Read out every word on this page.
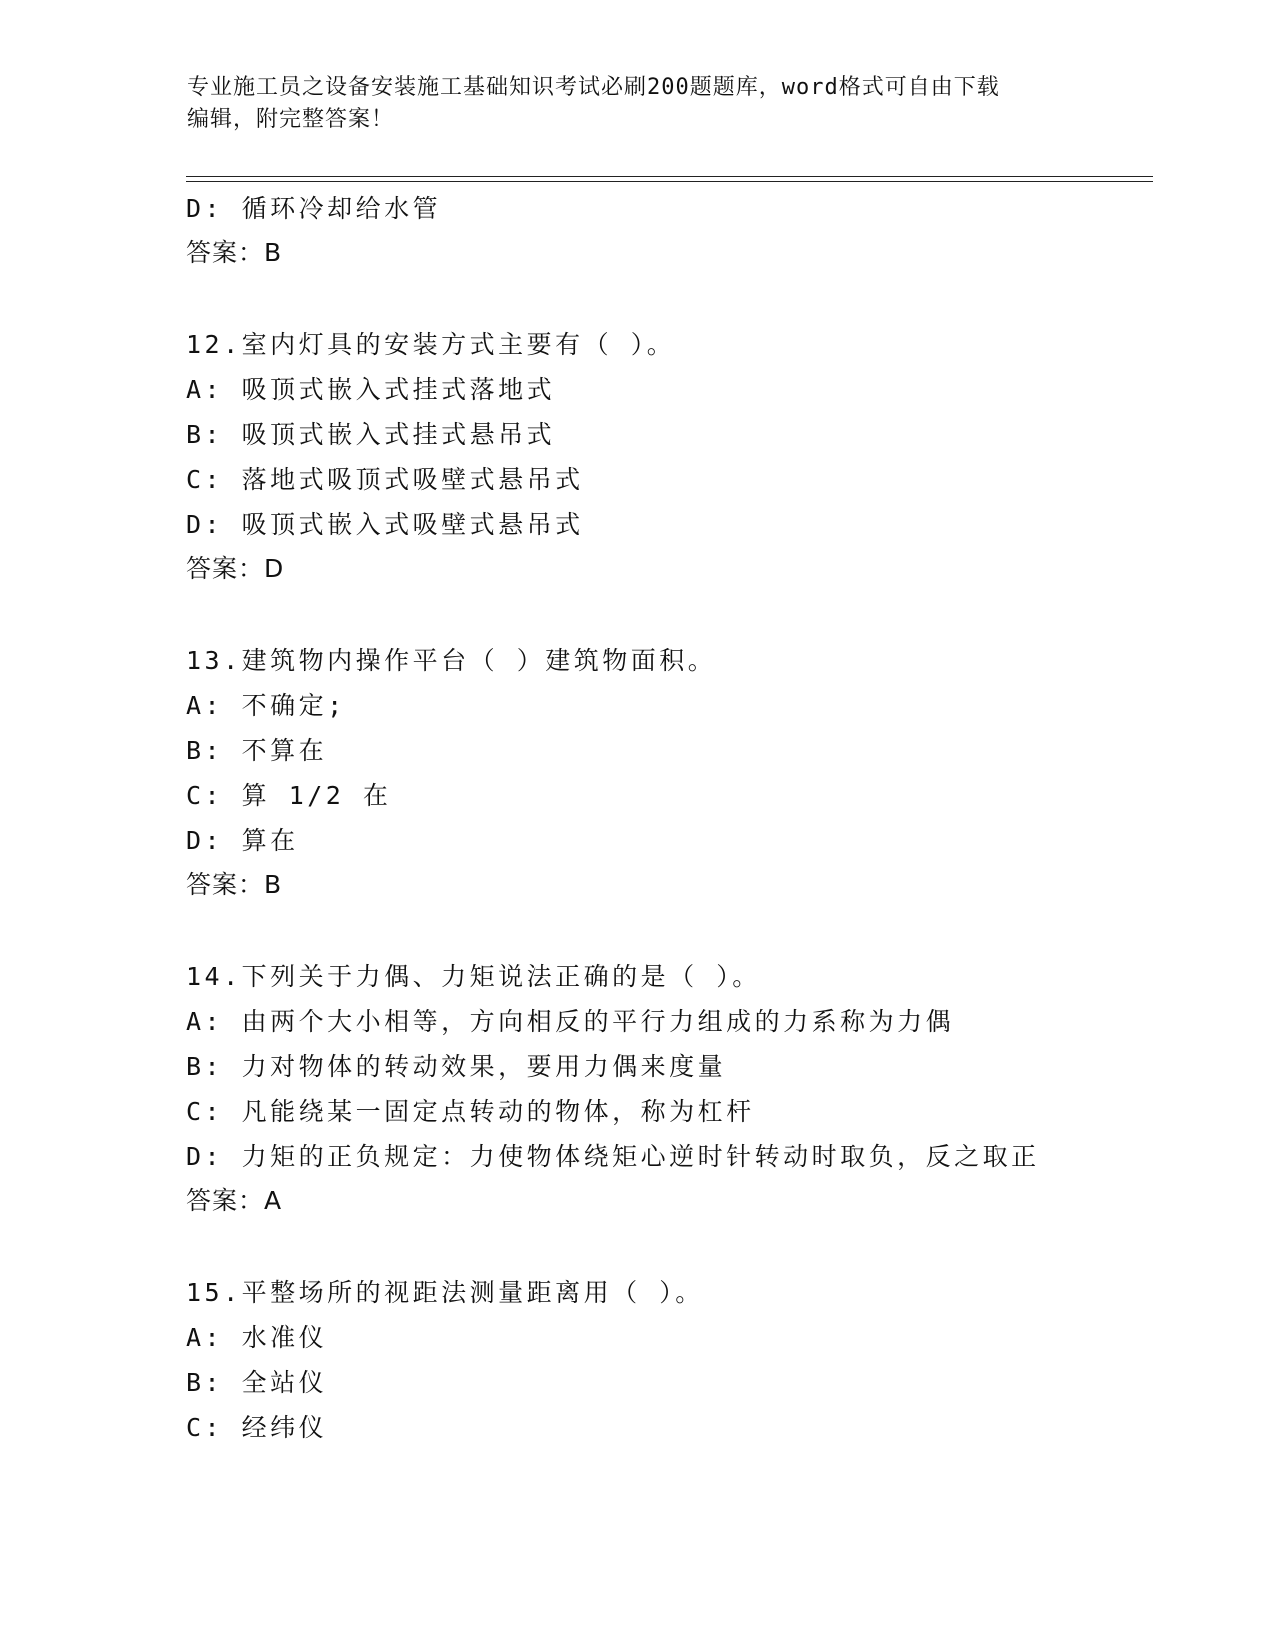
专业施工员之设备安装施工基础知识考试必刷200题题库，word格式可自由下载
编辑，附完整答案！
D: 循环冷却给水管
答案：B
12.室内灯具的安装方式主要有（ ）。
A: 吸顶式嵌入式挂式落地式
B: 吸顶式嵌入式挂式悬吊式
C: 落地式吸顶式吸壁式悬吊式
D: 吸顶式嵌入式吸壁式悬吊式
答案：D
13.建筑物内操作平台（ ）建筑物面积。
A: 不确定;
B: 不算在
C: 算 1/2 在
D: 算在
答案：B
14.下列关于力偶、力矩说法正确的是（ ）。
A: 由两个大小相等，方向相反的平行力组成的力系称为力偶
B: 力对物体的转动效果，要用力偶来度量
C: 凡能绕某一固定点转动的物体，称为杠杆
D: 力矩的正负规定：力使物体绕矩心逆时针转动时取负，反之取正
答案：A
15.平整场所的视距法测量距离用（ ）。
A: 水准仪
B: 全站仪
C: 经纬仪
